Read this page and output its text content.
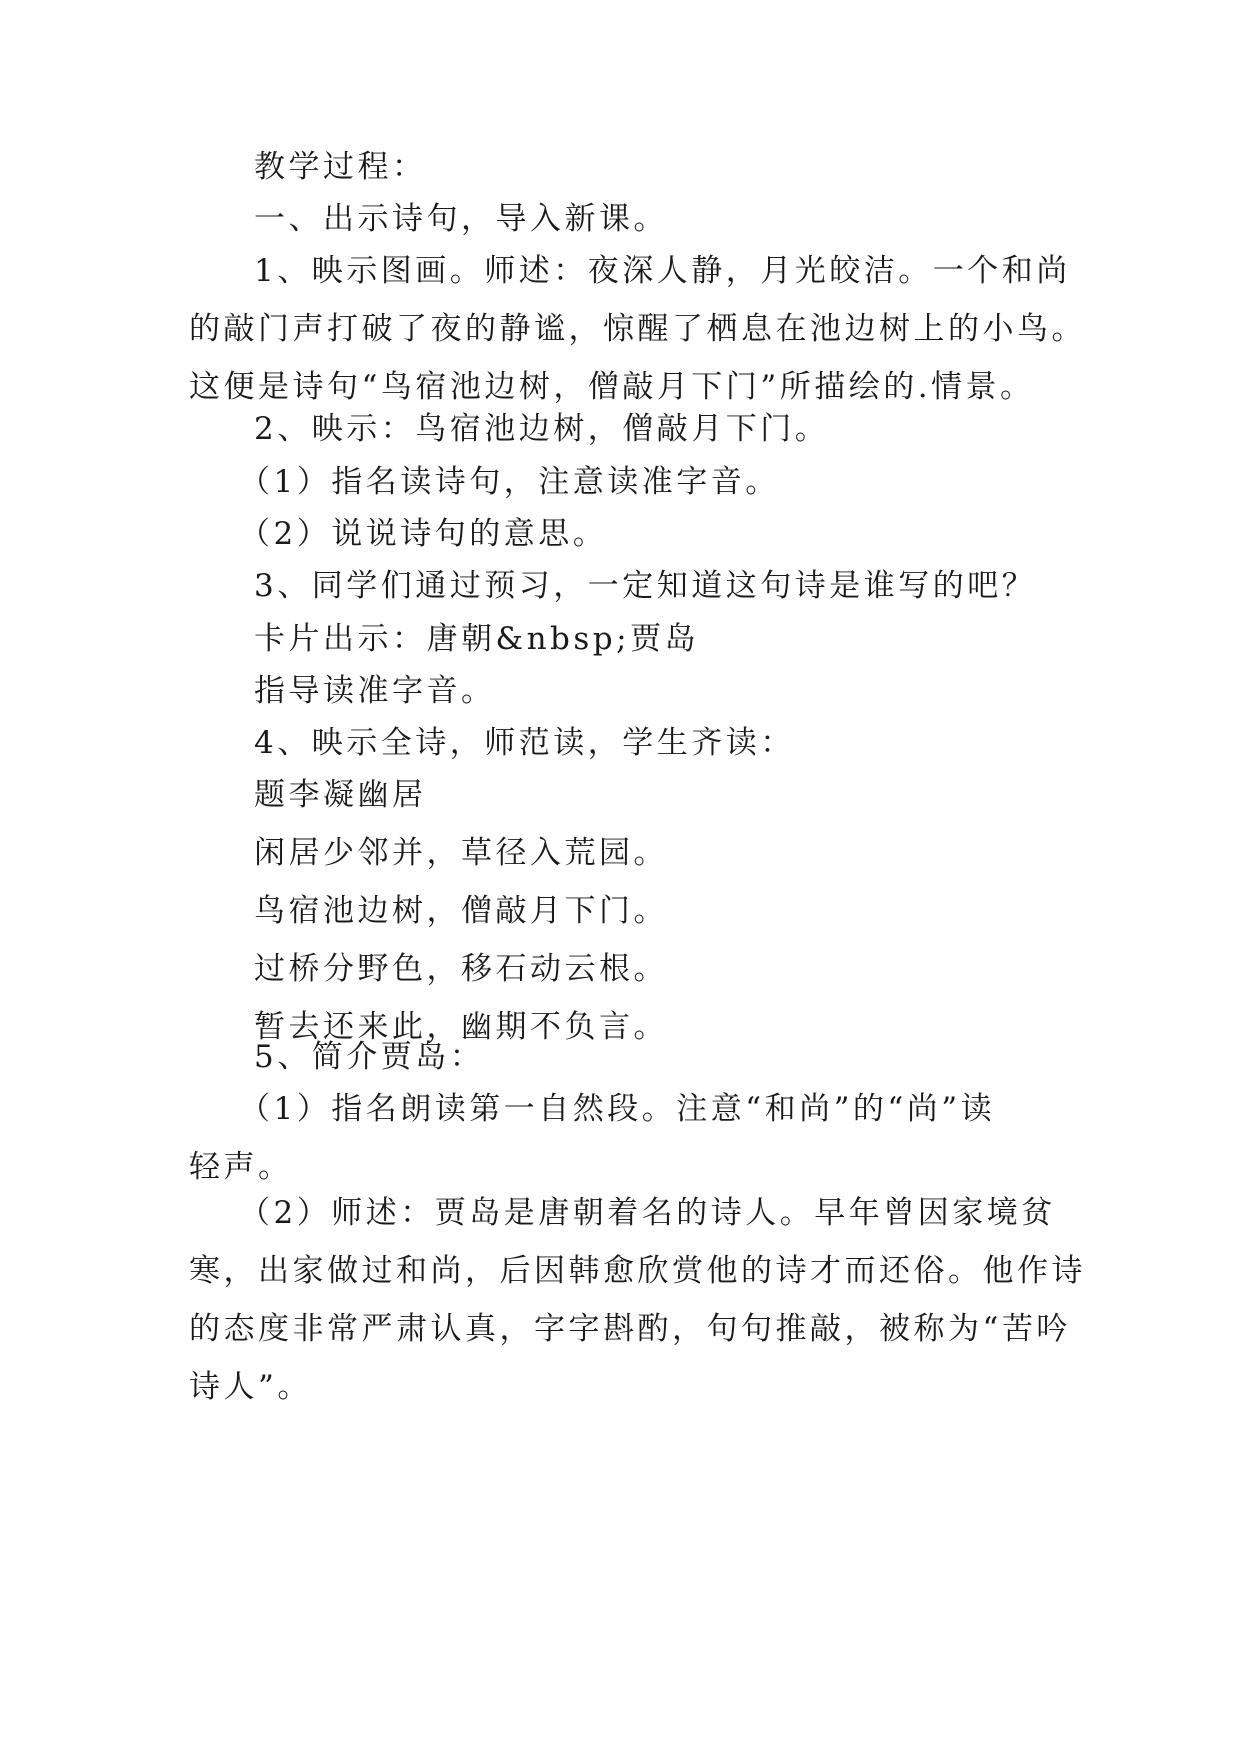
教学过程：
一、出示诗句，导入新课。
1、映示图画。师述：夜深人静，月光皎洁。一个和尚
的敲门声打破了夜的静谧，惊醒了栖息在池边树上的小鸟。
这便是诗句“鸟宿池边树，僧敲月下门”所描绘的.情景。
2、映示：鸟宿池边树，僧敲月下门。
（1）指名读诗句，注意读准字音。
（2）说说诗句的意思。
3、同学们通过预习，一定知道这句诗是谁写的吧？
卡片出示：唐朝&nbsp;贾岛
指导读准字音。
4、映示全诗，师范读，学生齐读：
题李凝幽居
闲居少邻并，草径入荒园。
鸟宿池边树，僧敲月下门。
过桥分野色，移石动云根。
暂去还来此，幽期不负言。
5、简介贾岛：
（1）指名朗读第一自然段。注意“和尚”的“尚”读
轻声。
（2）师述：贾岛是唐朝着名的诗人。早年曾因家境贫
寒，出家做过和尚，后因韩愈欣赏他的诗才而还俗。他作诗
的态度非常严肃认真，字字斟酌，句句推敲，被称为“苦吟
诗人”。
